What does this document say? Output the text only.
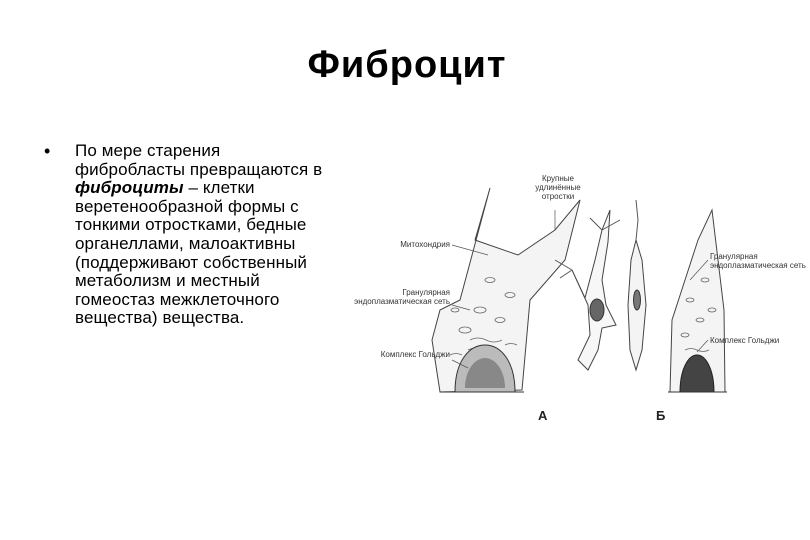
Фиброцит
• По мере старения фибробласты превращаются в фиброциты – клетки веретенообразной формы с тонкими отростками, бедные органеллами, малоактивны (поддерживают собственный метаболизм и местный гомеостаз межклеточного вещества) вещества.
Крупные удлинённые отростки
Митохондрия
Гранулярная эндоплазматическая сеть
Комплекс Гольджи
Гранулярная эндоплазматическая сеть
Комплекс Гольджи
А	Б
